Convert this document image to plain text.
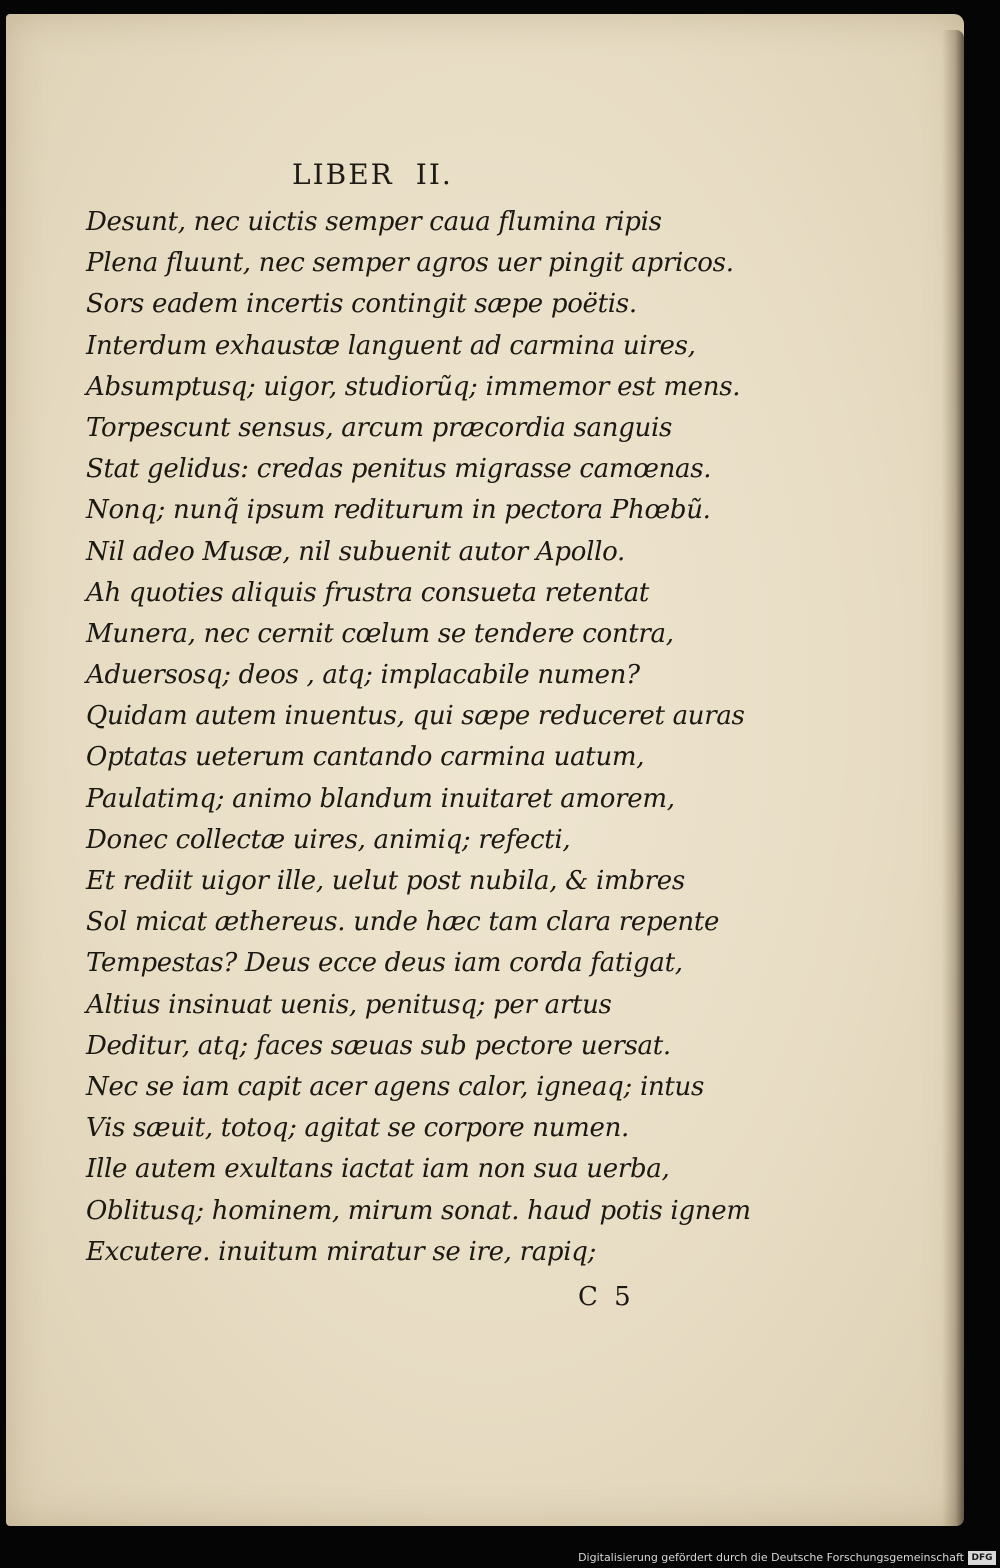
LIBER II.
Desunt, nec uictis semper caua flumina ripis
Plena fluunt, nec semper agros uer pingit apricos.
Sors eadem incertis contingit sæpe poëtis.
Interdum exhaustæ languent ad carmina uires,
Absumptusq; uigor, studiorũq; immemor est mens.
Torpescunt sensus, arcum præcordia sanguis
Stat gelidus: credas penitus migrasse camœnas.
Nonq; nunq̃ ipsum rediturum in pectora Phœbũ.
Nil adeo Musæ, nil subuenit autor Apollo.
Ah quoties aliquis frustra consueta retentat
Munera, nec cernit cœlum se tendere contra,
Aduersosq; deos , atq; implacabile numen?
Quidam autem inuentus, qui sæpe reduceret auras
Optatas ueterum cantando carmina uatum,
Paulatimq; animo blandum inuitaret amorem,
Donec collectæ uires, animiq; refecti,
Et rediit uigor ille, uelut post nubila, & imbres
Sol micat æthereus. unde hæc tam clara repente
Tempestas? Deus ecce deus iam corda fatigat,
Altius insinuat uenis, penitusq; per artus
Deditur, atq; faces sæuas sub pectore uersat.
Nec se iam capit acer agens calor, igneaq; intus
Vis sæuit, totoq; agitat se corpore numen.
Ille autem exultans iactat iam non sua uerba,
Oblitusq; hominem, mirum sonat. haud potis ignem
Excutere. inuitum miratur se ire, rapiq;
C 5
Digitalisierung gefördert durch die Deutsche Forschungsgemeinschaft DFG
